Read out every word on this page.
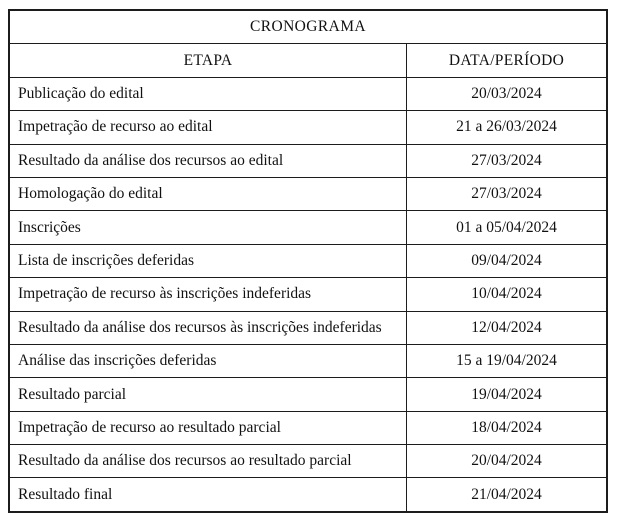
CRONOGRAMA	
ETAPA	DATA/PERÍODO
Publicação do edital	20/03/2024
Impetração de recurso ao edital	21 a 26/03/2024
Resultado da análise dos recursos ao edital	27/03/2024
Homologação do edital	27/03/2024
Inscrições	01 a 05/04/2024
Lista de inscrições deferidas	09/04/2024
Impetração de recurso às inscrições indeferidas	10/04/2024
Resultado da análise dos recursos às inscrições indeferidas	12/04/2024
Análise das inscrições deferidas	15 a 19/04/2024
Resultado parcial	19/04/2024
Impetração de recurso ao resultado parcial	18/04/2024
Resultado da análise dos recursos ao resultado parcial	20/04/2024
Resultado final	21/04/2024
